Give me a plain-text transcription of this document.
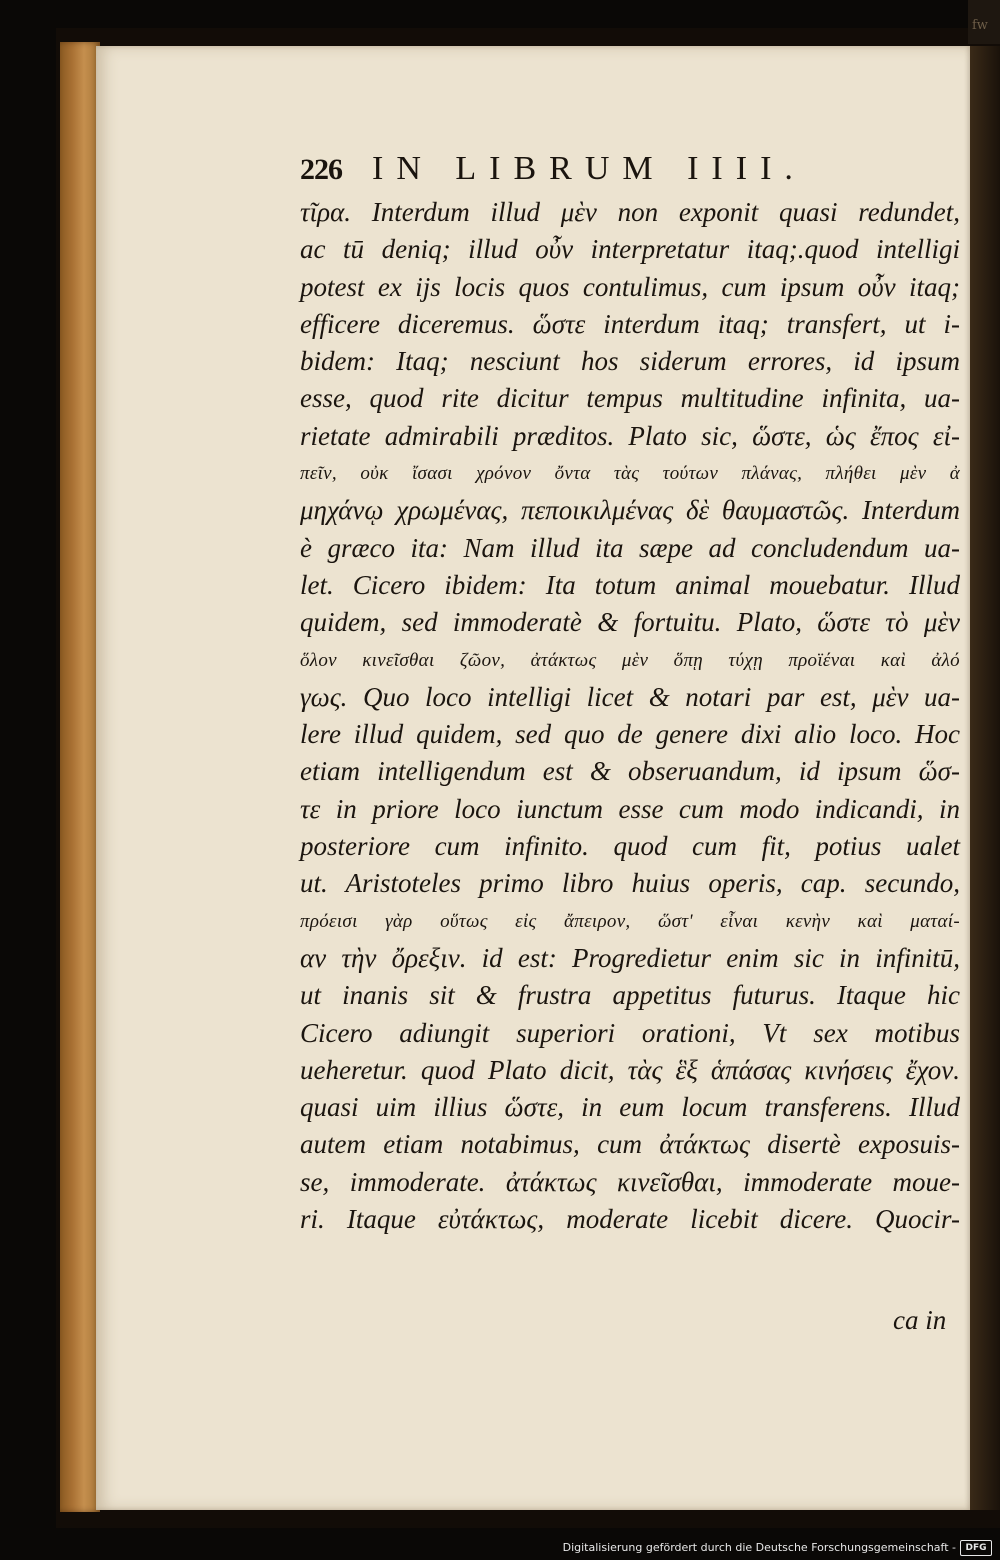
fw
226 IN LIBRUM IIII.
τῖρα. Interdum illud μὲν non exponit quasi redundet,
ac tū deniq; illud οὖν interpretatur itaq;.quod intelligi
potest ex ijs locis quos contulimus, cum ipsum οὖν itaq;
efficere diceremus. ὥστε interdum itaq; transfert, ut i-
bidem: Itaq; nesciunt hos siderum errores, id ipsum
esse, quod rite dicitur tempus multitudine infinita, ua-
rietate admirabili præditos. Plato sic, ὥστε, ὡς ἔπος εἰ-
πεῖν, οὐκ ἴσασι χρόνον ὄντα τὰς τούτων πλάνας, πλήθει μὲν ἀ
μηχάνῳ χρωμένας, πεποικιλμένας δὲ θαυμαστῶς. Interdum
è græco ita: Nam illud ita sæpe ad concludendum ua-
let. Cicero ibidem: Ita totum animal mouebatur. Illud
quidem, sed immoderatè & fortuitu. Plato, ὥστε τὸ μὲν
ὅλον κινεῖσθαι ζῶον, ἀτάκτως μὲν ὅπῃ τύχῃ προϊέναι καὶ ἀλό
γως. Quo loco intelligi licet & notari par est, μὲν ua-
lere illud quidem, sed quo de genere dixi alio loco. Hoc
etiam intelligendum est & obseruandum, id ipsum ὥσ-
τε in priore loco iunctum esse cum modo indicandi, in
posteriore cum infinito. quod cum fit, potius ualet
ut. Aristoteles primo libro huius operis, cap. secundo,
πρόεισι γὰρ οὕτως εἰς ἄπειρον, ὥστ' εἶναι κενὴν καὶ ματαί-
αν τὴν ὄρεξιν. id est: Progredietur enim sic in infinitū,
ut inanis sit & frustra appetitus futurus. Itaque hic
Cicero adiungit superiori orationi, Vt sex motibus
ueheretur. quod Plato dicit, τὰς ἓξ ἁπάσας κινήσεις ἔχον.
quasi uim illius ὥστε, in eum locum transferens. Illud
autem etiam notabimus, cum ἀτάκτως disertè exposuis-
se, immoderate. ἀτάκτως κινεῖσθαι, immoderate moue-
ri. Itaque εὐτάκτως, moderate licebit dicere. Quocir-
ca in
Digitalisierung gefördert durch die Deutsche Forschungsgemeinschaft -	DFG
